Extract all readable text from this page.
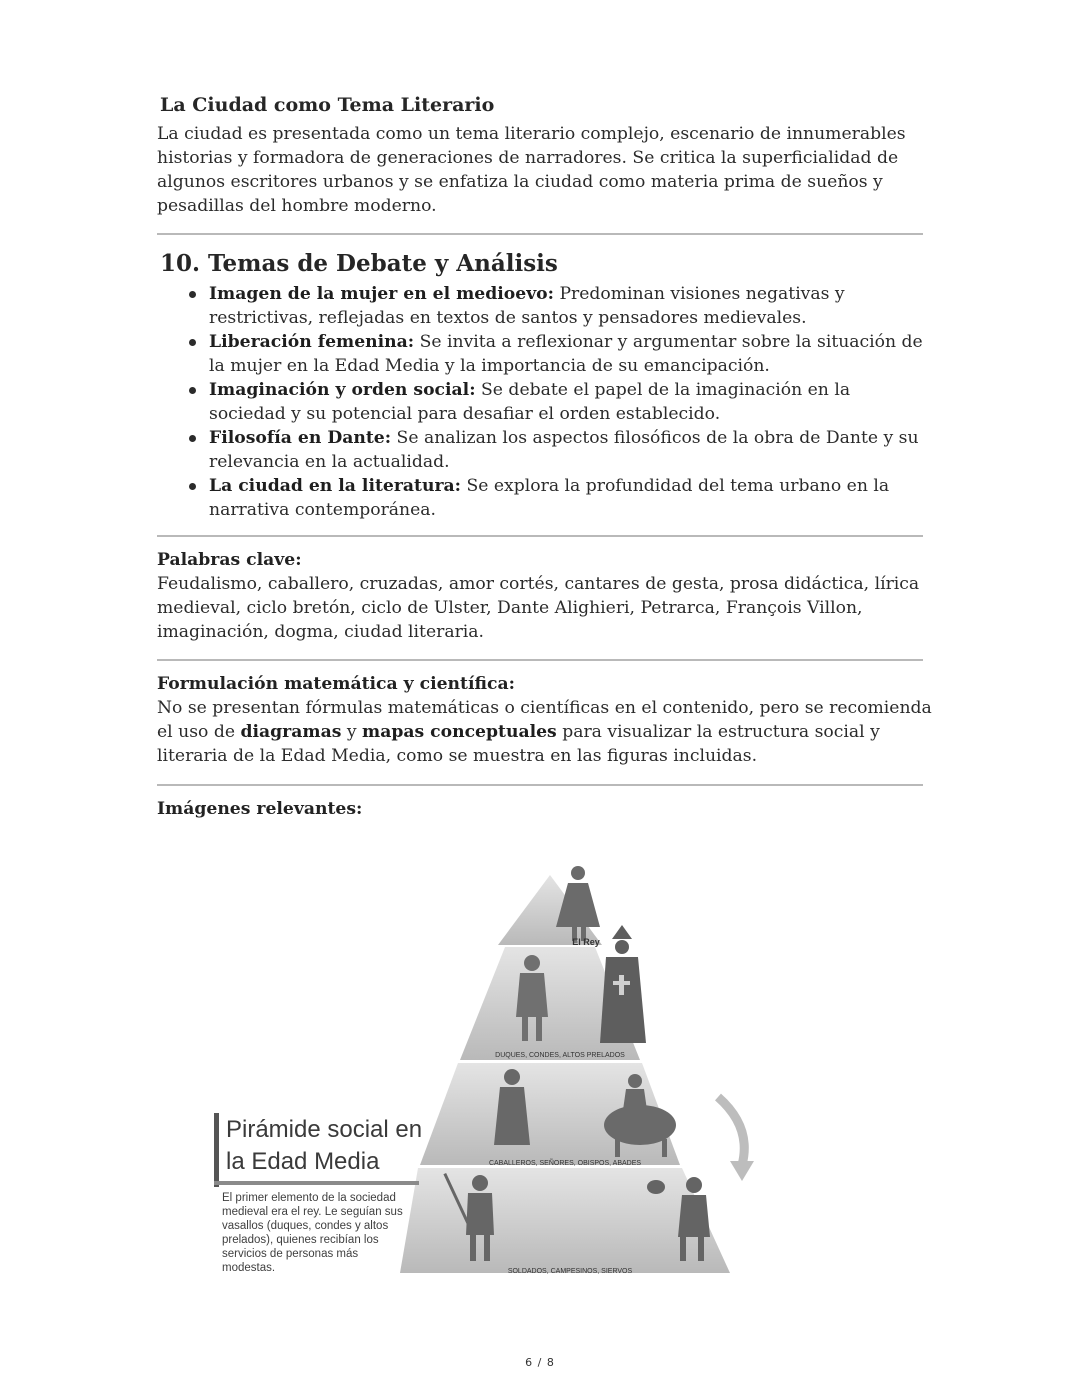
La Ciudad como Tema Literario

La ciudad es presentada como un tema literario complejo, escenario de innumerables historias y formadora de generaciones de narradores. Se critica la superficialidad de algunos escritores urbanos y se enfatiza la ciudad como materia prima de sueños y pesadillas del hombre moderno.

10. Temas de Debate y Análisis
Imagen de la mujer en el medioevo: Predominan visiones negativas y restrictivas, reflejadas en textos de santos y pensadores medievales.
Liberación femenina: Se invita a reflexionar y argumentar sobre la situación de la mujer en la Edad Media y la importancia de su emancipación.
Imaginación y orden social: Se debate el papel de la imaginación en la sociedad y su potencial para desafiar el orden establecido.
Filosofía en Dante: Se analizan los aspectos filosóficos de la obra de Dante y su relevancia en la actualidad.
La ciudad en la literatura: Se explora la profundidad del tema urbano en la narrativa contemporánea.

Palabras clave:

Feudalismo, caballero, cruzadas, amor cortés, cantares de gesta, prosa didáctica, lírica medieval, ciclo bretón, ciclo de Ulster, Dante Alighieri, Petrarca, François Villon, imaginación, dogma, ciudad literaria.

Formulación matemática y científica:

No se presentan fórmulas matemáticas o científicas en el contenido, pero se recomienda el uso de diagramas y mapas conceptuales para visualizar la estructura social y literaria de la Edad Media, como se muestra en las figuras incluidas.

Imágenes relevantes:

El Rey
DUQUES, CONDES, ALTOS PRELADOS
CABALLEROS, SEÑORES, OBISPOS, ABADES
SOLDADOS, CAMPESINOS, SIERVOS
Pirámide social en
la Edad Media
El primer elemento de la sociedad
medieval era el rey. Le seguían sus
vasallos (duques, condes y altos
prelados), quienes recibían los
servicios de personas más
modestas.
6 / 8
